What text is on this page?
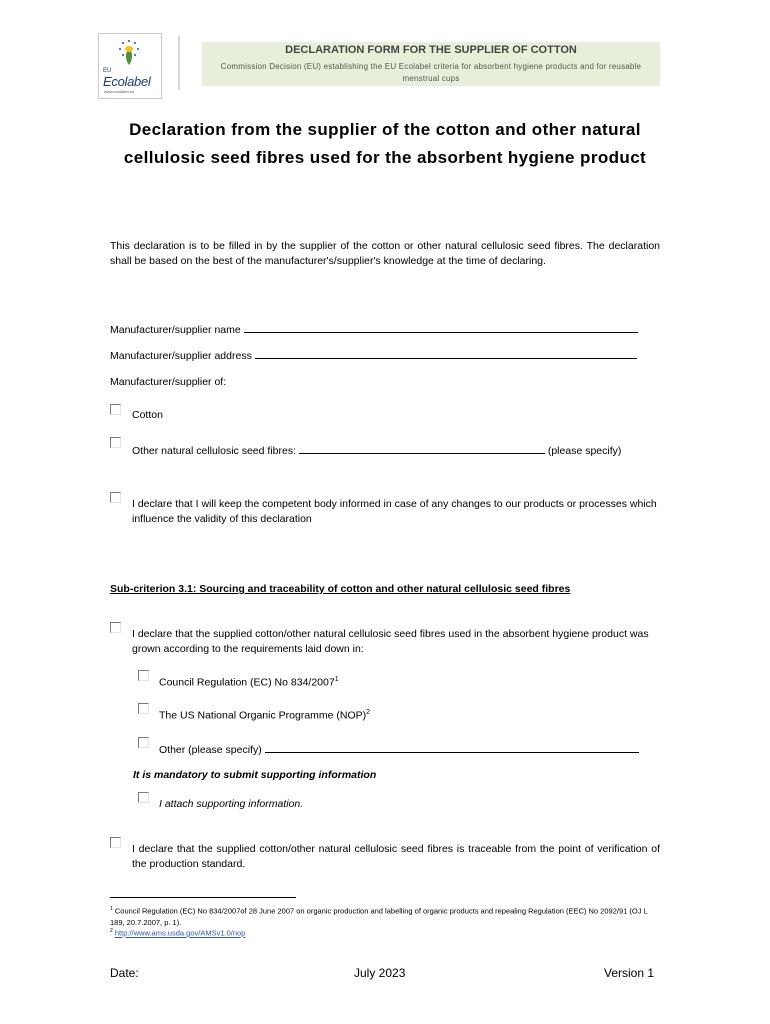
EU
Ecolabel
www.ecolabel.eu
DECLARATION FORM FOR THE SUPPLIER OF COTTON
Commission Decision (EU) establishing the EU Ecolabel criteria for absorbent hygiene products and for reusable menstrual cups
Declaration from the supplier of the cotton and other natural cellulosic seed fibres used for the absorbent hygiene product
This declaration is to be filled in by the supplier of the cotton or other natural cellulosic seed fibres. The declaration shall be based on the best of the manufacturer's/supplier's knowledge at the time of declaring.
Manufacturer/supplier name
Manufacturer/supplier address
Manufacturer/supplier of:
Cotton
Other natural cellulosic seed fibres:	(please specify)
I declare that I will keep the competent body informed in case of any changes to our products or processes which influence the validity of this declaration
Sub-criterion 3.1: Sourcing and traceability of cotton and other natural cellulosic seed fibres
I declare that the supplied cotton/other natural cellulosic seed fibres used in the absorbent hygiene product was grown according to the requirements laid down in:
Council Regulation (EC) No 834/2007$^1$
The US National Organic Programme (NOP)$^2$
Other (please specify)
It is mandatory to submit supporting information
I attach supporting information.
I declare that the supplied cotton/other natural cellulosic seed fibres is traceable from the point of verification of the production standard.
$^1$ Council Regulation (EC) No 834/2007of 28 June 2007 on organic production and labelling of organic products and repealing Regulation (EEC) No 2092/91 (OJ L 189, 20.7.2007, p. 1).
$^2$ http://www.ams.usda.gov/AMSv1.0/nop
Date:	July 2023	Version 1
